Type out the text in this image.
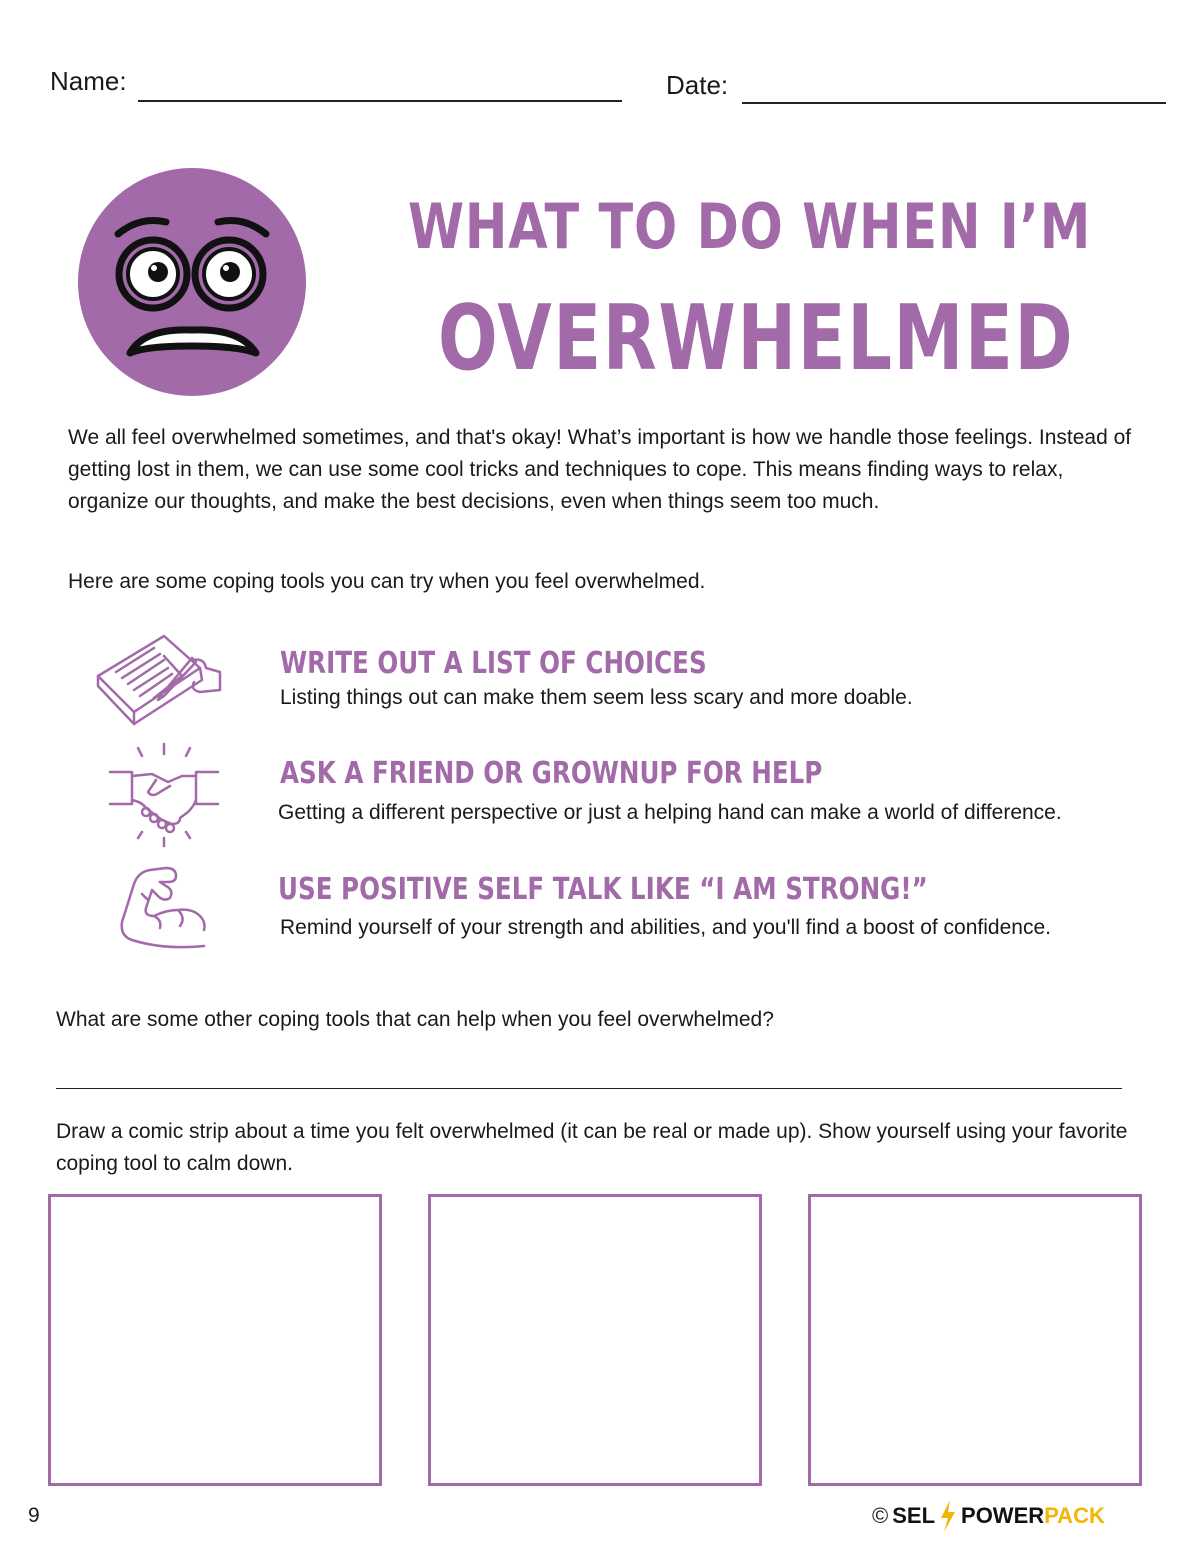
Name:	Date:
WHAT TO DO WHEN I’M
OVERWHELMED

We all feel overwhelmed sometimes, and that's okay! What’s important is how we handle those feelings. Instead of getting lost in them, we can use some cool tricks and techniques to cope. This means finding ways to relax, organize our thoughts, and make the best decisions, even when things seem too much.

Here are some coping tools you can try when you feel overwhelmed.

WRITE OUT A LIST OF CHOICES
Listing things out can make them seem less scary and more doable.
ASK A FRIEND OR GROWNUP FOR HELP
Getting a different perspective or just a helping hand can make a world of difference.
USE POSITIVE SELF TALK LIKE “I AM STRONG!”
Remind yourself of your strength and abilities, and you'll find a boost of confidence.

What are some other coping tools that can help when you feel overwhelmed?

Draw a comic strip about a time you felt overwhelmed (it can be real or made up). Show yourself using your favorite coping tool to calm down.

9	© SEL POWER PACK
